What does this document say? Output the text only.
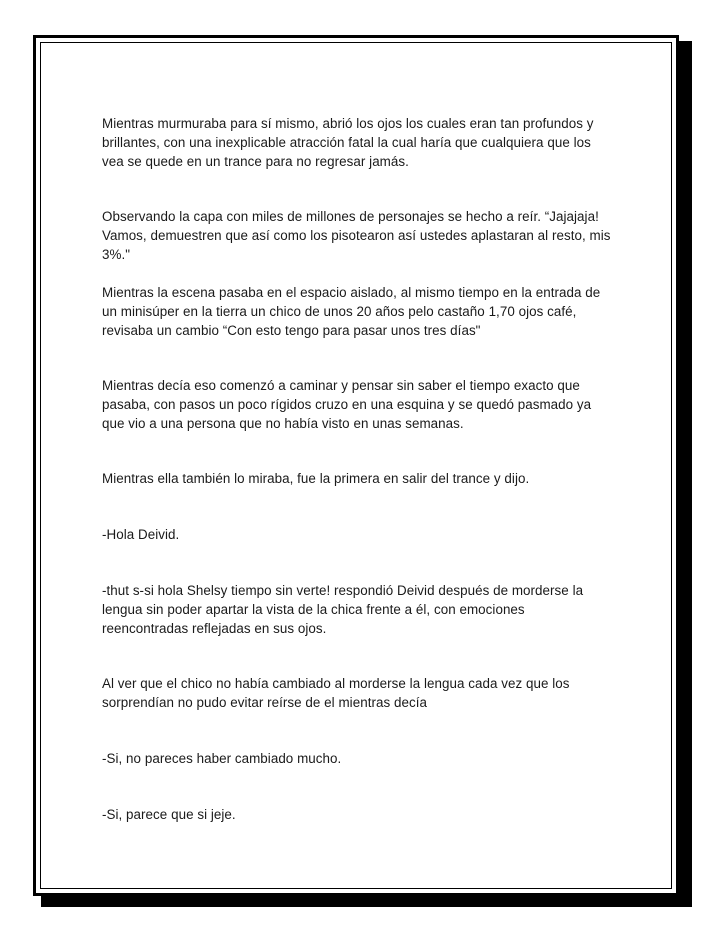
Mientras murmuraba para sí mismo, abrió los ojos los cuales eran tan profundos y brillantes, con una inexplicable atracción fatal la cual haría que cualquiera que los vea se quede en un trance para no regresar jamás.

Observando la capa con miles de millones de personajes se hecho a reír. “Jajajaja! Vamos, demuestren que así como los pisotearon así ustedes aplastaran al resto, mis 3%."

Mientras la escena pasaba en el espacio aislado, al mismo tiempo en la entrada de un minisúper en la tierra un chico de unos 20 años pelo castaño 1,70 ojos café, revisaba un cambio “Con esto tengo para pasar unos tres días"

Mientras decía eso comenzó a caminar y pensar sin saber el tiempo exacto que pasaba, con pasos un poco rígidos cruzo en una esquina y se quedó pasmado ya que vio a una persona que no había visto en unas semanas.

Mientras ella también lo miraba, fue la primera en salir del trance y dijo.

-Hola Deivid.

-thut s-si hola Shelsy tiempo sin verte! respondió Deivid después de morderse la lengua sin poder apartar la vista de la chica frente a él, con emociones reencontradas reflejadas en sus ojos.

Al ver que el chico no había cambiado al morderse la lengua cada vez que los sorprendían no pudo evitar reírse de el mientras decía

-Si, no pareces haber cambiado mucho.

-Si, parece que si jeje.
